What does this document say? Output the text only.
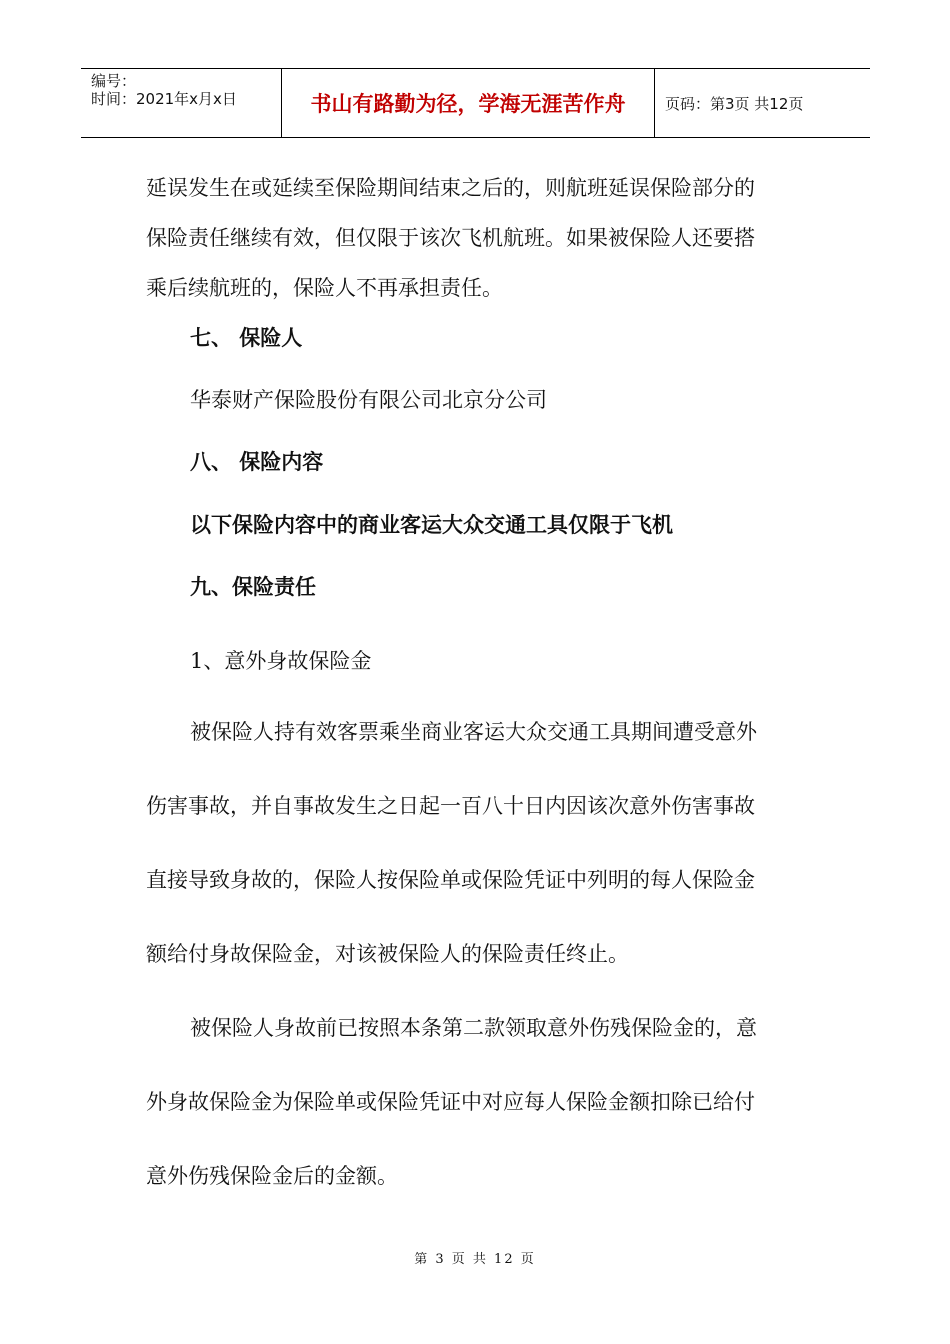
编号：
时间：2021年x月x日	书山有路勤为径，学海无涯苦作舟	页码：第3页 共12页
延误发生在或延续至保险期间结束之后的，则航班延误保险部分的
保险责任继续有效，但仅限于该次飞机航班。如果被保险人还要搭
乘后续航班的，保险人不再承担责任。
七、 保险人
华泰财产保险股份有限公司北京分公司
八、 保险内容
以下保险内容中的商业客运大众交通工具仅限于飞机
九、保险责任
1、意外身故保险金
被保险人持有效客票乘坐商业客运大众交通工具期间遭受意外
伤害事故，并自事故发生之日起一百八十日内因该次意外伤害事故
直接导致身故的，保险人按保险单或保险凭证中列明的每人保险金
额给付身故保险金，对该被保险人的保险责任终止。
被保险人身故前已按照本条第二款领取意外伤残保险金的，意
外身故保险金为保险单或保险凭证中对应每人保险金额扣除已给付
意外伤残保险金后的金额。
第 3 页 共 12 页
